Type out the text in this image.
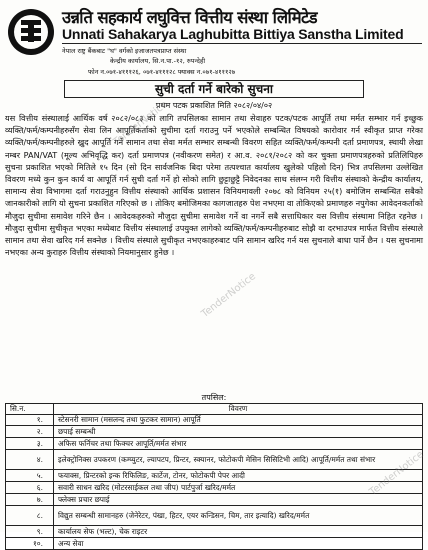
उन्नति सहकार्य लघुवित्त वित्तीय संस्था लिमिटेड
Unnati Sahakarya Laghubitta Bittiya Sanstha Limited
नेपाल राष्ट्र बैंकबाट "घ" वर्गको इजाजतपत्रप्राप्त संस्था
केन्द्रीय कार्यालय, सि.न.पा.-१२, रुपन्देही
फोन न.०७१-४१११२६, ०७१-४१११२८ फ्याक्स न.०७१-४१११२७
सुची दर्ता गर्ने बारेको सुचना
प्रथम पटक प्रकाशित मिति २०८२/०४/०२

यस वित्तीय संस्थालाई आर्थिक वर्ष २०८२/०८३ को लागि तपसिलका सामान तथा सेवाहरु पटक/पटक आपूर्ति तथा मर्मत सम्भार गर्न इच्छुक व्यक्ति/फर्म/कम्पनीहरुसँग सेवा लिन आपूर्तिकर्ताको सुचीमा दर्ता गराउनु पर्ने भएकोले सम्बन्धित विषयको कारोवार गर्न स्वीकृत प्राप्त गरेका व्यक्ति/फर्म/कम्पनीहरुले ख्रुद आपूर्ति गर्ने सामान तथा सेवा मर्मत सम्भार सम्बन्धी विवरण सहित व्यक्ति/फर्म/कम्पनी दर्ता प्रमाणपत्र, स्थायी लेखा नम्बर PAN/VAT (मूल्य अभिवृद्धि कर) दर्ता प्रमाणपत्र (नवीकरण समेत) र आ.व. २०८१/२०८२ को कर चुक्ता प्रमाणपत्रहरुको प्रतिलिपिहरु सुचना प्रकाशित भएको मितिले १५ दिन (सो दिन सार्वजनिक बिदा परेमा तत्पश्चात कार्यालय खुलेको पहिलो दिन) भित्र तपसिलमा उल्लेखित विवरण मध्ये कुन कुन कार्य वा आपूर्ति गर्न सुची दर्ता गर्ने हो सोको लागि छुट्टाछुट्टै निवेदनका साथ संलग्न गरी वित्तीय संस्थाको केन्द्रीय कार्यालय, सामान्य सेवा विभागमा दर्ता गराउनुहुन वित्तीय संस्थाको आर्थिक प्रशासन विनियमावली २०७८ को विनियम २५(१) बमोजिम सम्बन्धित सबैको जानकारीको लागि यो सुचना प्रकाशित गरिएको छ । तोकिए बमोजिमका कागजातहरु पेश नभएमा वा तोकिएको प्रमाणहरु नपुगेका आवेदनकर्ताको मौजुदा सुचीमा समावेश गरिने छैन । आवेदकहरुको मौजुदा सुचीमा समावेश गर्ने वा नगर्ने सबै सत्ताधिकार यस वित्तीय संस्थामा निहित रहनेछ । मौजुदा सुचीमा सुचीकृत भएका मध्येबाट वित्तीय संस्थालाई उपयुक्त लागेको व्यक्ति/फर्म/कम्पनीहरुबाट सोझै वा दरभाउपत्र मार्फत वित्तीय संस्थाले सामान तथा सेवा खरिद गर्न सक्नेछ । वित्तीय संस्थाले सुचीकृत नभएकाहरुबाट पनि सामान खरिद गर्न यस सुचनाले बाधा पार्ने छैन । यस सुचनामा नभएका अन्य कुराहरु वित्तीय संस्थाको नियमानुसार हुनेछ ।

तपसिल:
सि.न.	विवरण
१.	स्टेसनरी सामान (मसलन्द तथा फुटकर सामान) आपूर्ति
२.	छपाई सम्बन्धी
३.	अफिस फर्निचर तथा फिक्चर आपूर्ति/मर्मत संभार
४.	इलेक्ट्रोनिक्स उपकरण (कम्प्युटर, ल्यापटप, प्रिन्टर, स्क्यानर, फोटोकपी मेसिन सिसिटिभी आदि) आपूर्ति/मर्मत तथा संभार
५.	फयाक्स, प्रिन्टरको इन्क रिफिलिङ, कार्टेज, टोनर, फोटोकपी पेपर आदी
६.	सवारी साधन खरिद (मोटरसाईकल तथा जीप) पार्टपुर्जा खरिद/मर्मत
७.	फ्लेक्स प्रचार छपाई
८.	विद्युत सम्बन्धी सामानहरु (जेनेरेटर, पंखा, हिटर, एयर कन्डिसन, चिम, तार इत्यादि) खरिद/मर्मत
९.	कार्यालय सेफ (भल्ट), चेक राइटर
१०.	अन्य सेवा
TenderNotice
TenderNotice
TenderNotice
